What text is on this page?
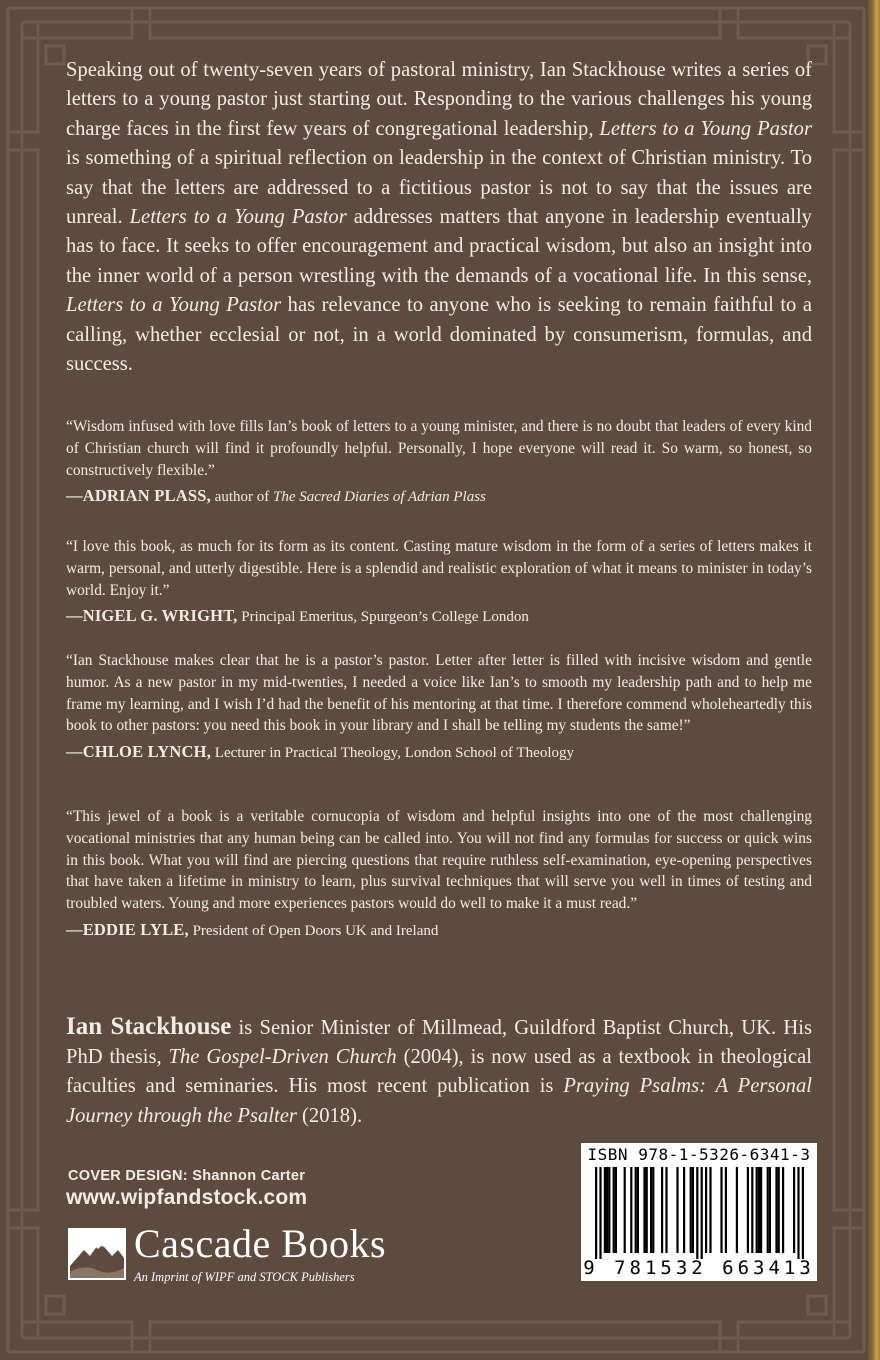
Speaking out of twenty-seven years of pastoral ministry, Ian Stackhouse writes a series of letters to a young pastor just starting out. Responding to the various challenges his young charge faces in the first few years of congregational leadership, Letters to a Young Pastor is something of a spiritual reflection on leadership in the context of Christian ministry. To say that the letters are addressed to a fictitious pastor is not to say that the issues are unreal. Letters to a Young Pastor addresses matters that anyone in leadership eventually has to face. It seeks to offer encouragement and practical wisdom, but also an insight into the inner world of a person wrestling with the demands of a vocational life. In this sense, Letters to a Young Pastor has relevance to anyone who is seeking to remain faithful to a calling, whether ecclesial or not, in a world dominated by consumerism, formulas, and success.

“Wisdom infused with love fills Ian’s book of letters to a young minister, and there is no doubt that leaders of every kind of Christian church will find it profoundly helpful. Personally, I hope everyone will read it. So warm, so honest, so constructively flexible.”
—ADRIAN PLASS, author of The Sacred Diaries of Adrian Plass

“I love this book, as much for its form as its content. Casting mature wisdom in the form of a series of letters makes it warm, personal, and utterly digestible. Here is a splendid and realistic exploration of what it means to minister in today’s world. Enjoy it.”
—NIGEL G. WRIGHT, Principal Emeritus, Spurgeon’s College London

“Ian Stackhouse makes clear that he is a pastor’s pastor. Letter after letter is filled with incisive wisdom and gentle humor. As a new pastor in my mid-twenties, I needed a voice like Ian’s to smooth my leadership path and to help me frame my learning, and I wish I’d had the benefit of his mentoring at that time. I therefore commend wholeheartedly this book to other pastors: you need this book in your library and I shall be telling my students the same!”
—CHLOE LYNCH, Lecturer in Practical Theology, London School of Theology

“This jewel of a book is a veritable cornucopia of wisdom and helpful insights into one of the most challenging vocational ministries that any human being can be called into. You will not find any formulas for success or quick wins in this book. What you will find are piercing questions that require ruthless self-examination, eye-opening perspectives that have taken a lifetime in ministry to learn, plus survival techniques that will serve you well in times of testing and troubled waters. Young and more experiences pastors would do well to make it a must read.”
—EDDIE LYLE, President of Open Doors UK and Ireland

Ian Stackhouse is Senior Minister of Millmead, Guildford Baptist Church, UK. His PhD thesis, The Gospel-Driven Church (2004), is now used as a textbook in theological faculties and seminaries. His most recent publication is Praying Psalms: A Personal Journey through the Psalter (2018).

COVER DESIGN: Shannon Carter
www.wipfandstock.com
Cascade Books
An Imprint of WIPF and STOCK Publishers
ISBN 978-1-5326-6341-3
9 781532 663413
